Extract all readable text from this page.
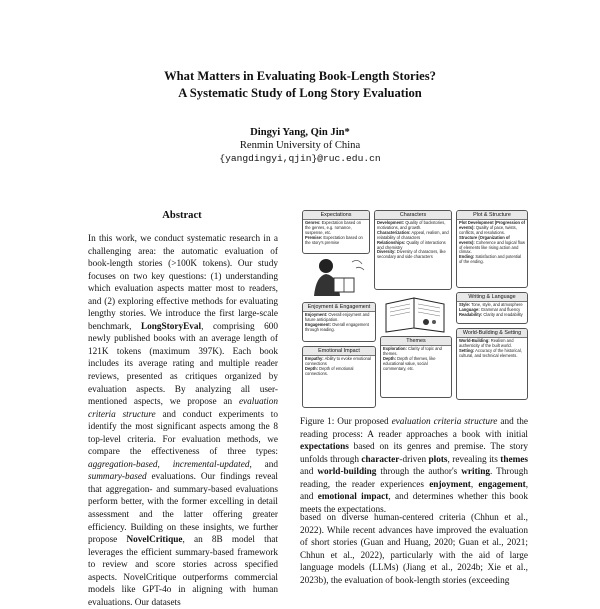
What Matters in Evaluating Book-Length Stories?
A Systematic Study of Long Story Evaluation
Dingyi Yang, Qin Jin*
Renmin University of China
{yangdingyi,qjin}@ruc.edu.cn
Abstract

In this work, we conduct systematic research in a challenging area: the automatic evaluation of book-length stories (>100K tokens). Our study focuses on two key questions: (1) understanding which evaluation aspects matter most to readers, and (2) exploring effective methods for evaluating lengthy stories. We introduce the first large-scale benchmark, LongStoryEval, comprising 600 newly published books with an average length of 121K tokens (maximum 397K). Each book includes its average rating and multiple reader reviews, presented as critiques organized by evaluation aspects. By analyzing all user-mentioned aspects, we propose an evaluation criteria structure and conduct experiments to identify the most significant aspects among the 8 top-level criteria. For evaluation methods, we compare the effectiveness of three types: aggregation-based, incremental-updated, and summary-based evaluations. Our findings reveal that aggregation- and summary-based evaluations perform better, with the former excelling in detail assessment and the latter offering greater efficiency. Building on these insights, we further propose NovelCritique, an 8B model that leverages the efficient summary-based framework to review and score stories across specified aspects. NovelCritique outperforms commercial models like GPT-4o in aligning with human evaluations. Our datasets

Expectations
Genres: Expectation based on the genres, e.g. romance, suspense, etc.
Premise: Expectation based on the story's premise
Characters
Development: Quality of backstories, motivations, and growth.
Characterization: Appeal, realism, and relatability of characters
Relationships: Quality of interactions and chemistry
Diversity: Diversity of characters, like secondary and side characters
Plot & Structure
Plot Development (Progression of events): Quality of pace, twists, conflicts, and resolutions.
Structure (Organization of events): Coherence and logical flow of elements like rising action and climax.
Ending: Satisfaction and potential of the ending.
Enjoyment & Engagement
Enjoyment: Overall enjoyment and future anticipation.
Engagement: Overall engagement through reading.
Writing & Language
Style: Tone, style, and atmosphere
Language: Grammar and fluency
Readability: Clarity and readability
Emotional Impact
Empathy: Ability to evoke emotional connections
Depth: Depth of emotional connections.
Themes
Exploration: Clarity of topic and themes.
Depth: Depth of themes, like educational value, social commentary, etc.
World-Building & Setting
World-Building: Realism and authenticity of the built world.
Setting: Accuracy of the historical, cultural, and technical elements.
Figure 1: Our proposed evaluation criteria structure and the reading process: A reader approaches a book with initial expectations based on its genres and premise. The story unfolds through character-driven plots, revealing its themes and world-building through the author's writing. Through reading, the reader experiences enjoyment, engagement, and emotional impact, and determines whether this book meets the expectations.
based on diverse human-centered criteria (Chhun et al., 2022). While recent advances have improved the evaluation of short stories (Guan and Huang, 2020; Guan et al., 2021; Chhun et al., 2022), particularly with the aid of large language models (LLMs) (Jiang et al., 2024b; Xie et al., 2023b), the evaluation of book-length stories (exceeding
